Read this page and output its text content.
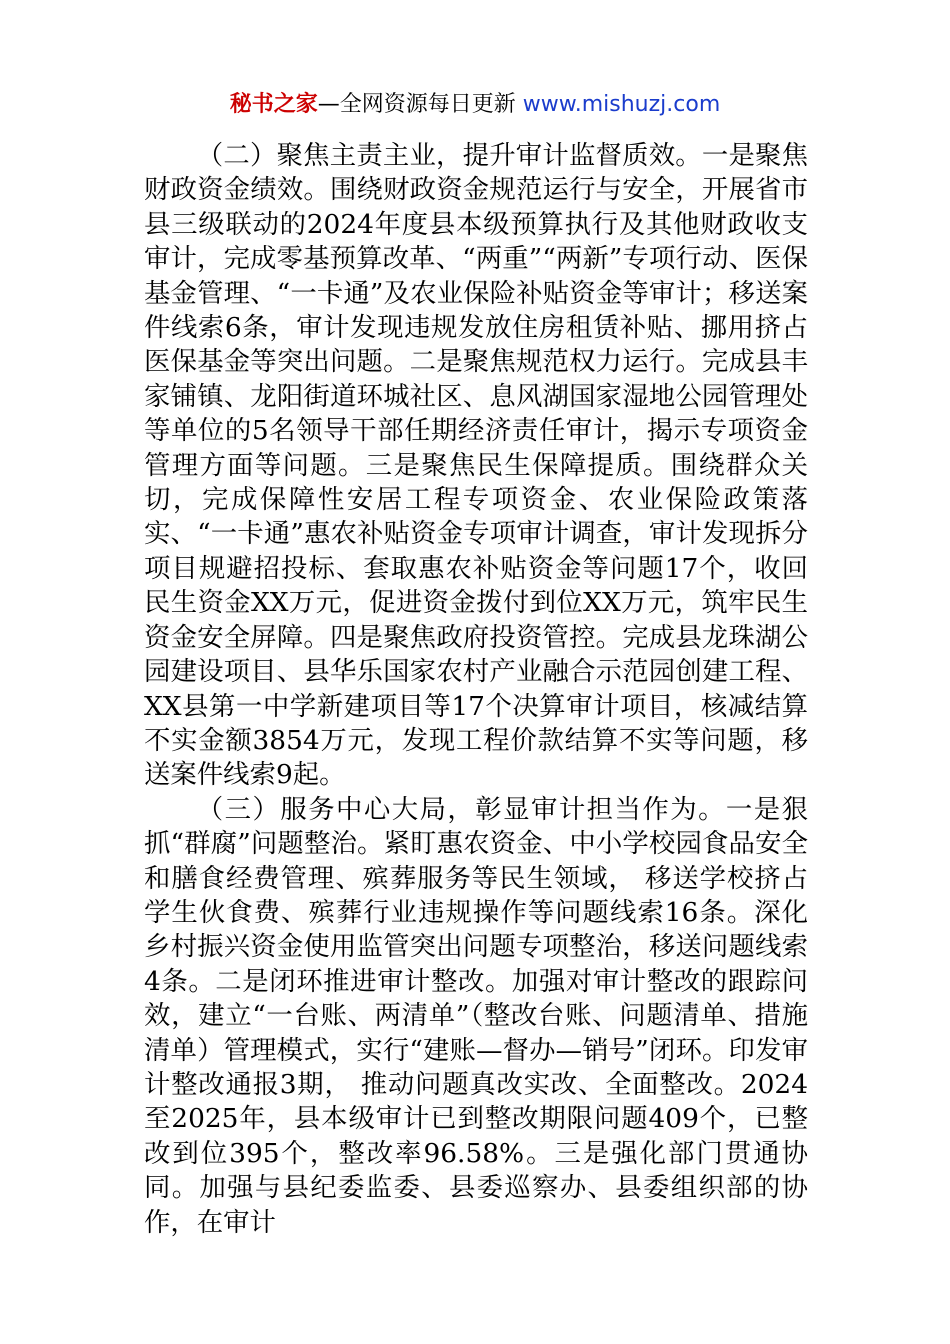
秘书之家—全网资源每日更新 www.mishuzj.com

（二）聚焦主责主业，提升审计监督质效。一是聚焦财政资金绩效。围绕财政资金规范运行与安全，开展省市县三级联动的2024年度县本级预算执行及其他财政收支审计，完成零基预算改革、“两重”“两新”专项行动、医保基金管理、“一卡通”及农业保险补贴资金等审计；移送案件线索6条，审计发现违规发放住房租赁补贴、挪用挤占医保基金等突出问题。二是聚焦规范权力运行。完成县丰家铺镇、龙阳街道环城社区、息风湖国家湿地公园管理处等单位的5名领导干部任期经济责任审计，揭示专项资金管理方面等问题。三是聚焦民生保障提质。围绕群众关切，完成保障性安居工程专项资金、农业保险政策落实、“一卡通”惠农补贴资金专项审计调查，审计发现拆分项目规避招投标、套取惠农补贴资金等问题17个，收回民生资金XX万元，促进资金拨付到位XX万元，筑牢民生资金安全屏障。四是聚焦政府投资管控。完成县龙珠湖公园建设项目、县华乐国家农村产业融合示范园创建工程、XX县第一中学新建项目等17个决算审计项目，核减结算不实金额3854万元，发现工程价款结算不实等问题，移送案件线索9起。

（三）服务中心大局，彰显审计担当作为。一是狠抓“群腐”问题整治。紧盯惠农资金、中小学校园食品安全和膳食经费管理、殡葬服务等民生领域， 移送学校挤占学生伙食费、殡葬行业违规操作等问题线索16条。深化乡村振兴资金使用监管突出问题专项整治，移送问题线索4条。二是闭环推进审计整改。加强对审计整改的跟踪问效，建立“一台账、两清单”（整改台账、问题清单、措施清单）管理模式，实行“建账—督办—销号”闭环。印发审计整改通报3期， 推动问题真改实改、全面整改。2024至2025年，县本级审计已到整改期限问题409个，已整改到位395个，整改率96.58%。三是强化部门贯通协同。加强与县纪委监委、县委巡察办、县委组织部的协作，在审计
